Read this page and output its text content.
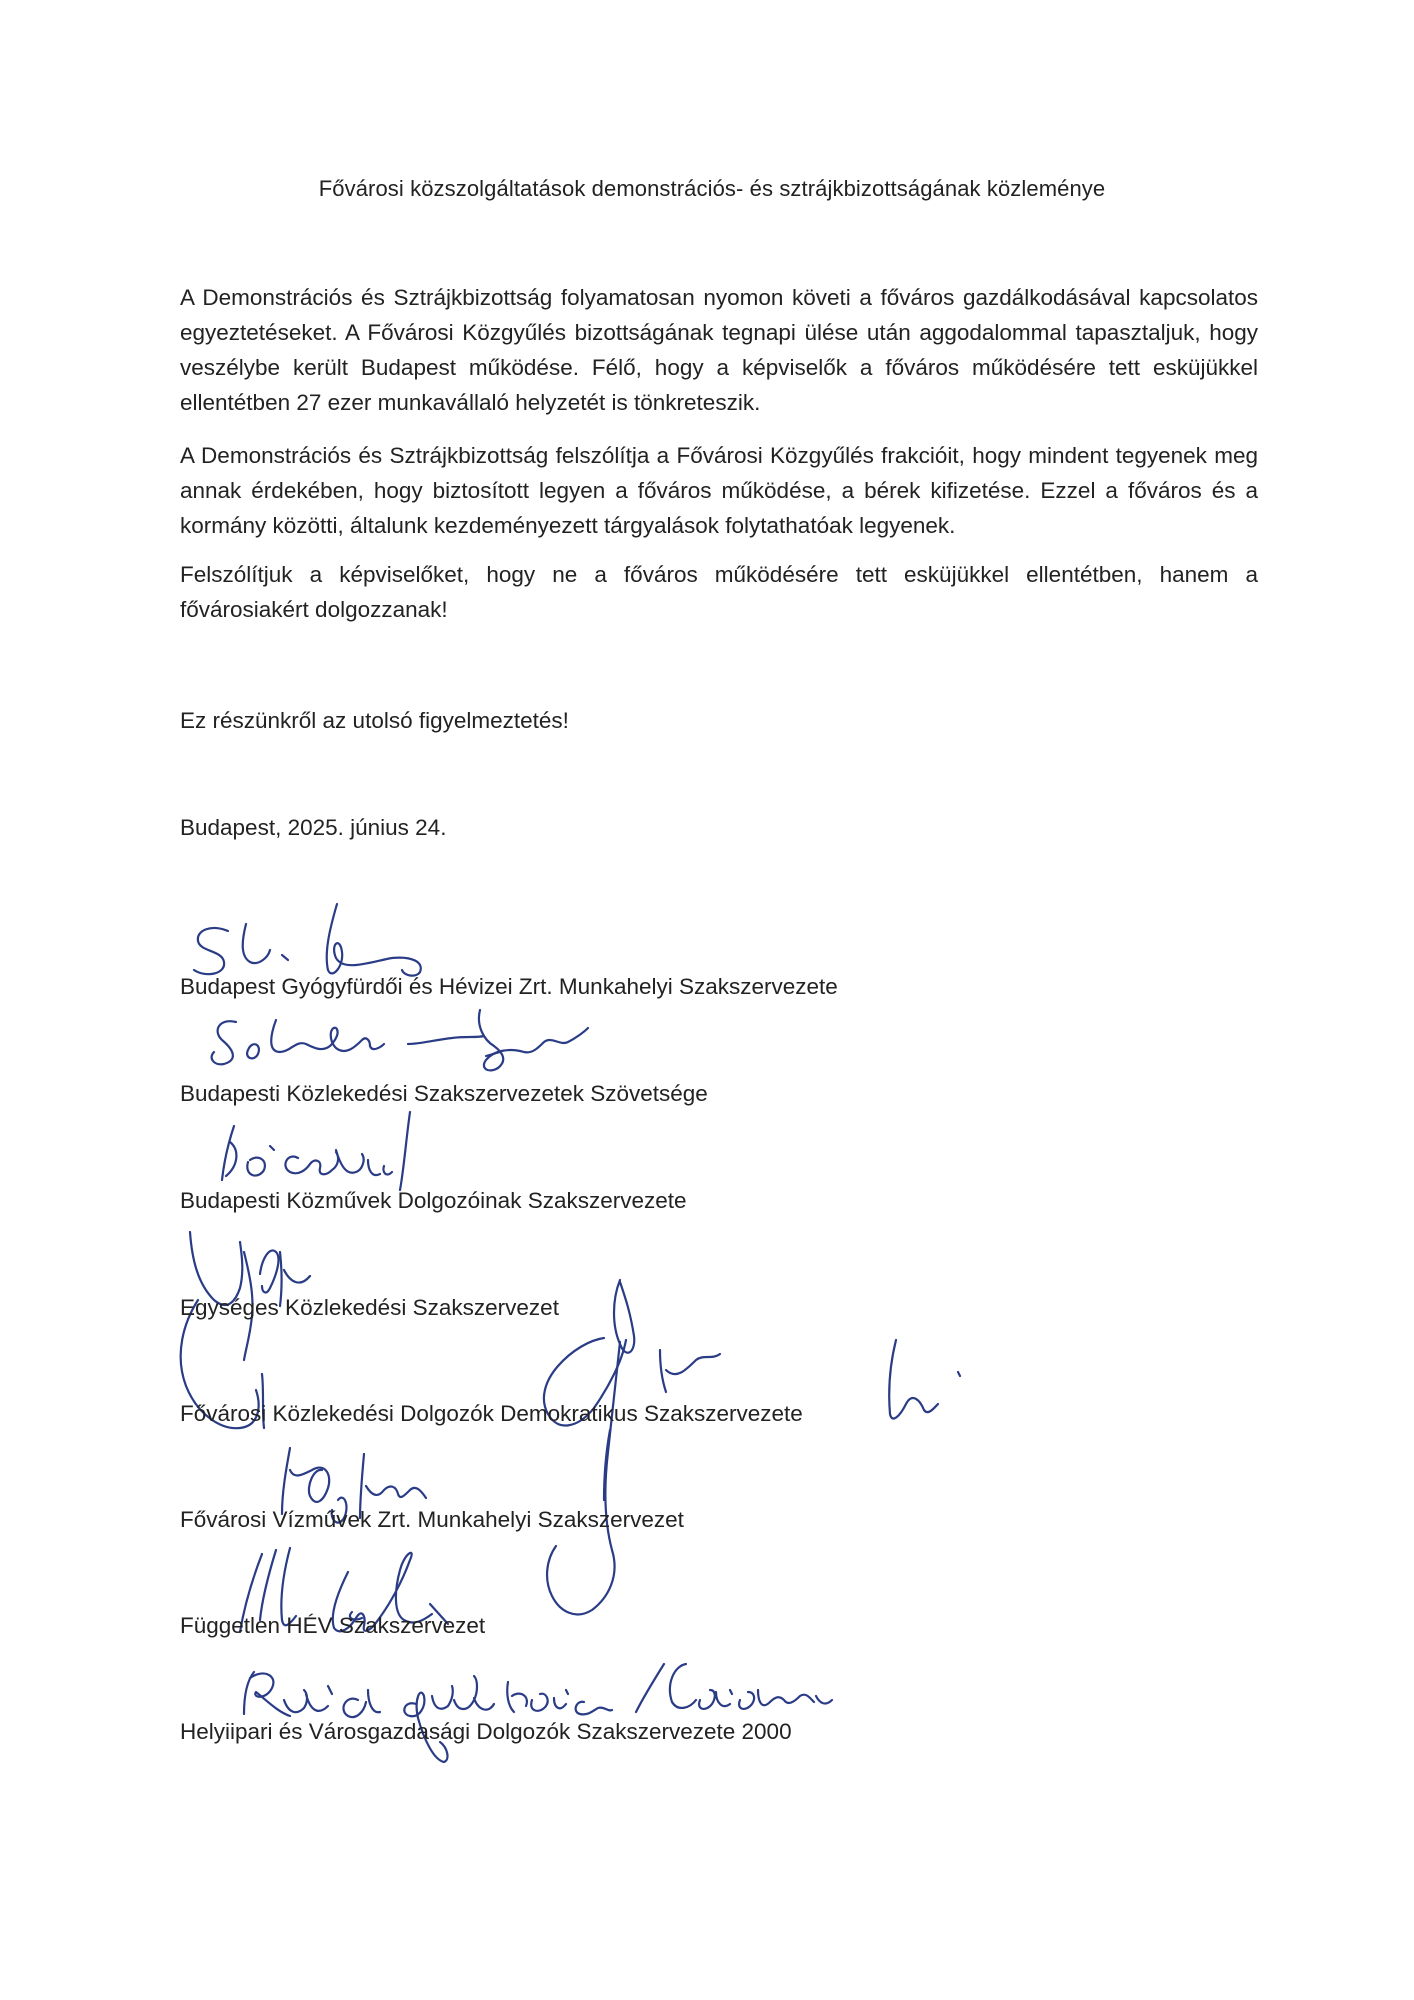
Fővárosi közszolgáltatások demonstrációs- és sztrájkbizottságának közleménye
A Demonstrációs és Sztrájkbizottság folyamatosan nyomon követi a főváros gazdálkodásával kapcsolatos egyeztetéseket. A Fővárosi Közgyűlés bizottságának tegnapi ülése után aggodalommal tapasztaljuk, hogy veszélybe került Budapest működése. Félő, hogy a képviselők a főváros működésére tett esküjükkel ellentétben 27 ezer munkavállaló helyzetét is tönkreteszik.
A Demonstrációs és Sztrájkbizottság felszólítja a Fővárosi Közgyűlés frakcióit, hogy mindent tegyenek meg annak érdekében, hogy biztosított legyen a főváros működése, a bérek kifizetése. Ezzel a főváros és a kormány közötti, általunk kezdeményezett tárgyalások folytathatóak legyenek.
Felszólítjuk a képviselőket, hogy ne a főváros működésére tett esküjükkel ellentétben, hanem a fővárosiakért dolgozzanak!
Ez részünkről az utolsó figyelmeztetés!
Budapest, 2025. június 24.
Budapest Gyógyfürdői és Hévizei Zrt. Munkahelyi Szakszervezete
Budapesti Közlekedési Szakszervezetek Szövetsége
Budapesti Közművek Dolgozóinak Szakszervezete
Egységes Közlekedési Szakszervezet
Fővárosi Közlekedési Dolgozók Demokratikus Szakszervezete
Fővárosi Vízművek Zrt. Munkahelyi Szakszervezet
Független HÉV Szakszervezet
Helyiipari és Városgazdasági Dolgozók Szakszervezete 2000
